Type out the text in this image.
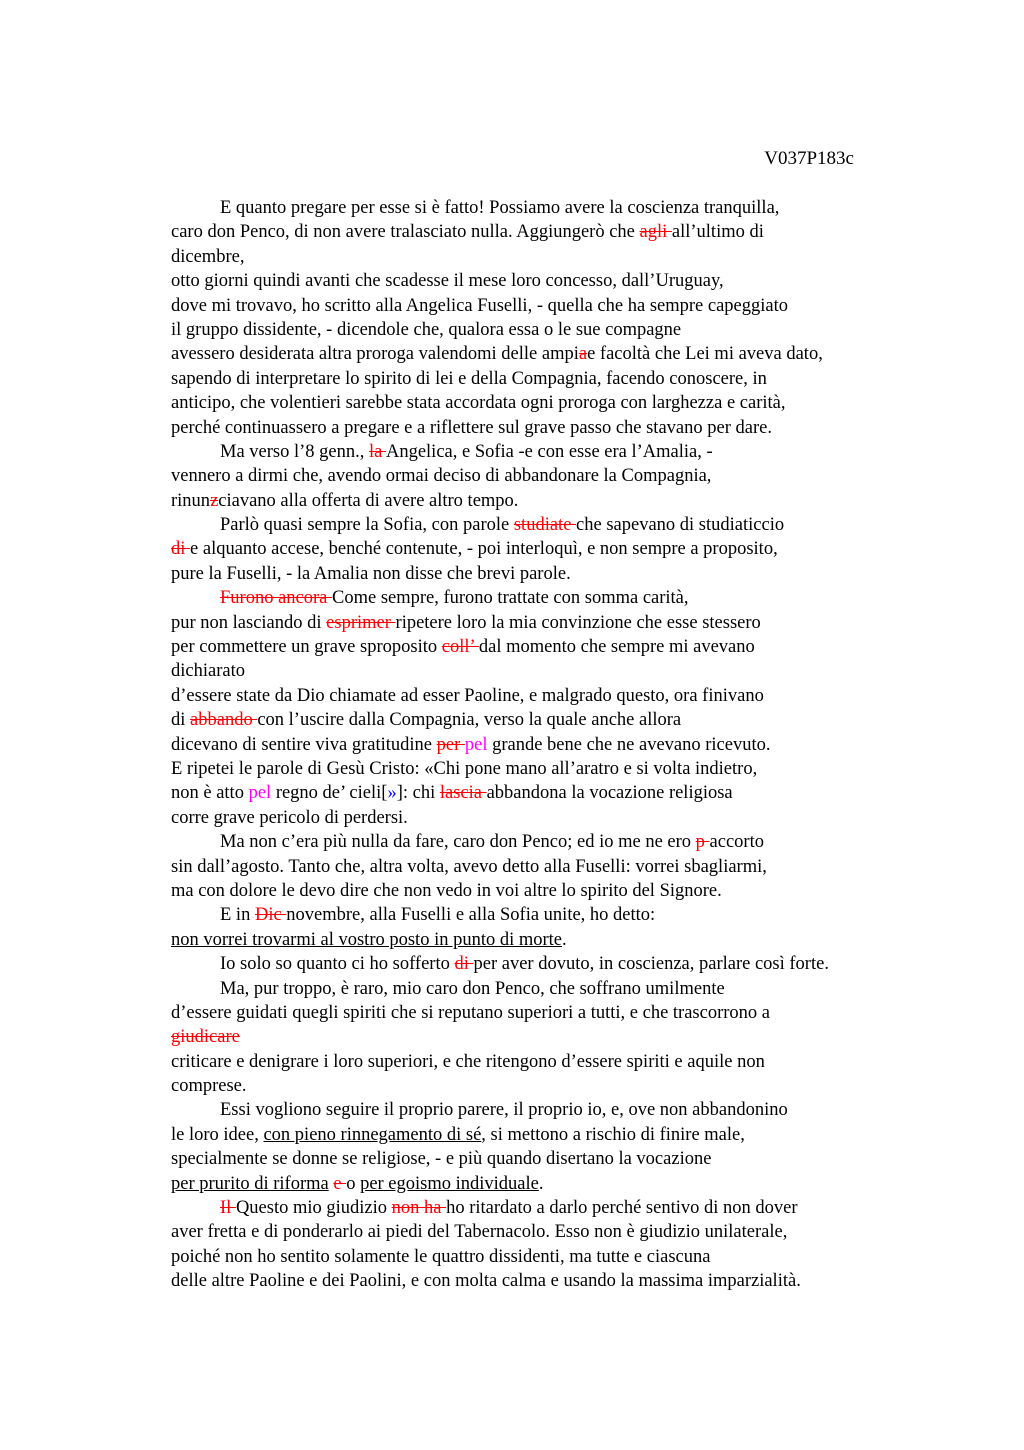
V037P183c
E quanto pregare per esse si è fatto! Possiamo avere la coscienza tranquilla,
caro don Penco, di non avere tralasciato nulla. Aggiungerò che agli all’ultimo di
dicembre,
otto giorni quindi avanti che scadesse il mese loro concesso, dall’Uruguay,
dove mi trovavo, ho scritto alla Angelica Fuselli, - quella che ha sempre capeggiato
il gruppo dissidente, - dicendole che, qualora essa o le sue compagne
avessero desiderata altra proroga valendomi delle ampiae facoltà che Lei mi aveva dato,
sapendo di interpretare lo spirito di lei e della Compagnia, facendo conoscere, in
anticipo, che volentieri sarebbe stata accordata ogni proroga con larghezza e carità,
perché continuassero a pregare e a riflettere sul grave passo che stavano per dare.
Ma verso l’8 genn., la Angelica, e Sofia -e con esse era l’Amalia, -
vennero a dirmi che, avendo ormai deciso di abbandonare la Compagnia,
rinunzciavano alla offerta di avere altro tempo.
Parlò quasi sempre la Sofia, con parole studiate che sapevano di studiaticcio
di e alquanto accese, benché contenute, - poi interloquì, e non sempre a proposito,
pure la Fuselli, - la Amalia non disse che brevi parole.
Furono ancora Come sempre, furono trattate con somma carità,
pur non lasciando di esprimer ripetere loro la mia convinzione che esse stessero
per commettere un grave sproposito coll’ dal momento che sempre mi avevano
dichiarato
d’essere state da Dio chiamate ad esser Paoline, e malgrado questo, ora finivano
di abbando con l’uscire dalla Compagnia, verso la quale anche allora
dicevano di sentire viva gratitudine per pel grande bene che ne avevano ricevuto.
E ripetei le parole di Gesù Cristo: «Chi pone mano all’aratro e si volta indietro,
non è atto pel regno de’ cieli[»]: chi lascia abbandona la vocazione religiosa
corre grave pericolo di perdersi.
Ma non c’era più nulla da fare, caro don Penco; ed io me ne ero p accorto
sin dall’agosto. Tanto che, altra volta, avevo detto alla Fuselli: vorrei sbagliarmi,
ma con dolore le devo dire che non vedo in voi altre lo spirito del Signore.
E in Dic novembre, alla Fuselli e alla Sofia unite, ho detto:
non vorrei trovarmi al vostro posto in punto di morte.
Io solo so quanto ci ho sofferto di per aver dovuto, in coscienza, parlare così forte.
Ma, pur troppo, è raro, mio caro don Penco, che soffrano umilmente
d’essere guidati quegli spiriti che si reputano superiori a tutti, e che trascorrono a
giudicare
criticare e denigrare i loro superiori, e che ritengono d’essere spiriti e aquile non
comprese.
Essi vogliono seguire il proprio parere, il proprio io, e, ove non abbandonino
le loro idee, con pieno rinnegamento di sé, si mettono a rischio di finire male,
specialmente se donne se religiose, - e più quando disertano la vocazione
per prurito di riforma e o per egoismo individuale.
Il Questo mio giudizio non ha ho ritardato a darlo perché sentivo di non dover
aver fretta e di ponderarlo ai piedi del Tabernacolo. Esso non è giudizio unilaterale,
poiché non ho sentito solamente le quattro dissidenti, ma tutte e ciascuna
delle altre Paoline e dei Paolini, e con molta calma e usando la massima imparzialità.
